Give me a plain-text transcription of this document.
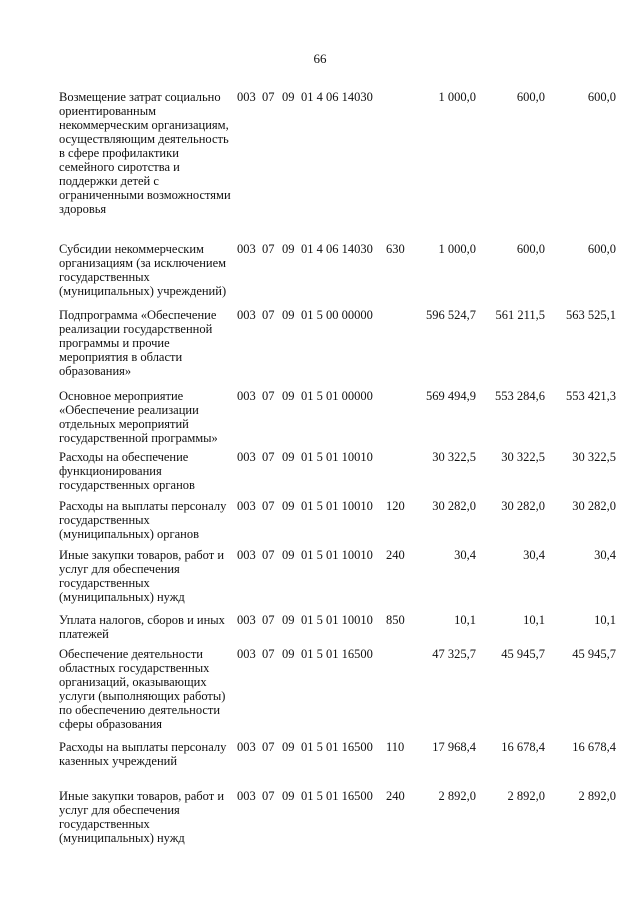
66
Возмещение затрат социально ориентированным некоммерческим организациям, осуществляющим деятельность в сфере профилактики семейного сиротства и поддержки детей с ограниченными возможностями здоровья
003 07 09 01 4 06 14030	1 000,0	600,0	600,0
Субсидии некоммерческим организациям (за исключением государственных (муниципальных) учреждений)
003 07 09 01 4 06 14030 630	1 000,0	600,0	600,0
Подпрограмма «Обеспечение реализации государственной программы и прочие мероприятия в области образования»
003 07 09 01 5 00 00000	596 524,7	561 211,5	563 525,1
Основное мероприятие «Обеспечение реализации отдельных мероприятий государственной программы»
003 07 09 01 5 01 00000	569 494,9	553 284,6	553 421,3
Расходы на обеспечение функционирования государственных органов
003 07 09 01 5 01 10010	30 322,5	30 322,5	30 322,5
Расходы на выплаты персоналу государственных (муниципальных) органов
003 07 09 01 5 01 10010 120	30 282,0	30 282,0	30 282,0
Иные закупки товаров, работ и услуг для обеспечения государственных (муниципальных) нужд
003 07 09 01 5 01 10010 240	30,4	30,4	30,4
Уплата налогов, сборов и иных платежей
003 07 09 01 5 01 10010 850	10,1	10,1	10,1
Обеспечение деятельности областных государственных организаций, оказывающих услуги (выполняющих работы) по обеспечению деятельности сферы образования
003 07 09 01 5 01 16500	47 325,7	45 945,7	45 945,7
Расходы на выплаты персоналу казенных учреждений
003 07 09 01 5 01 16500 110	17 968,4	16 678,4	16 678,4
Иные закупки товаров, работ и услуг для обеспечения государственных (муниципальных) нужд
003 07 09 01 5 01 16500 240	2 892,0	2 892,0	2 892,0
